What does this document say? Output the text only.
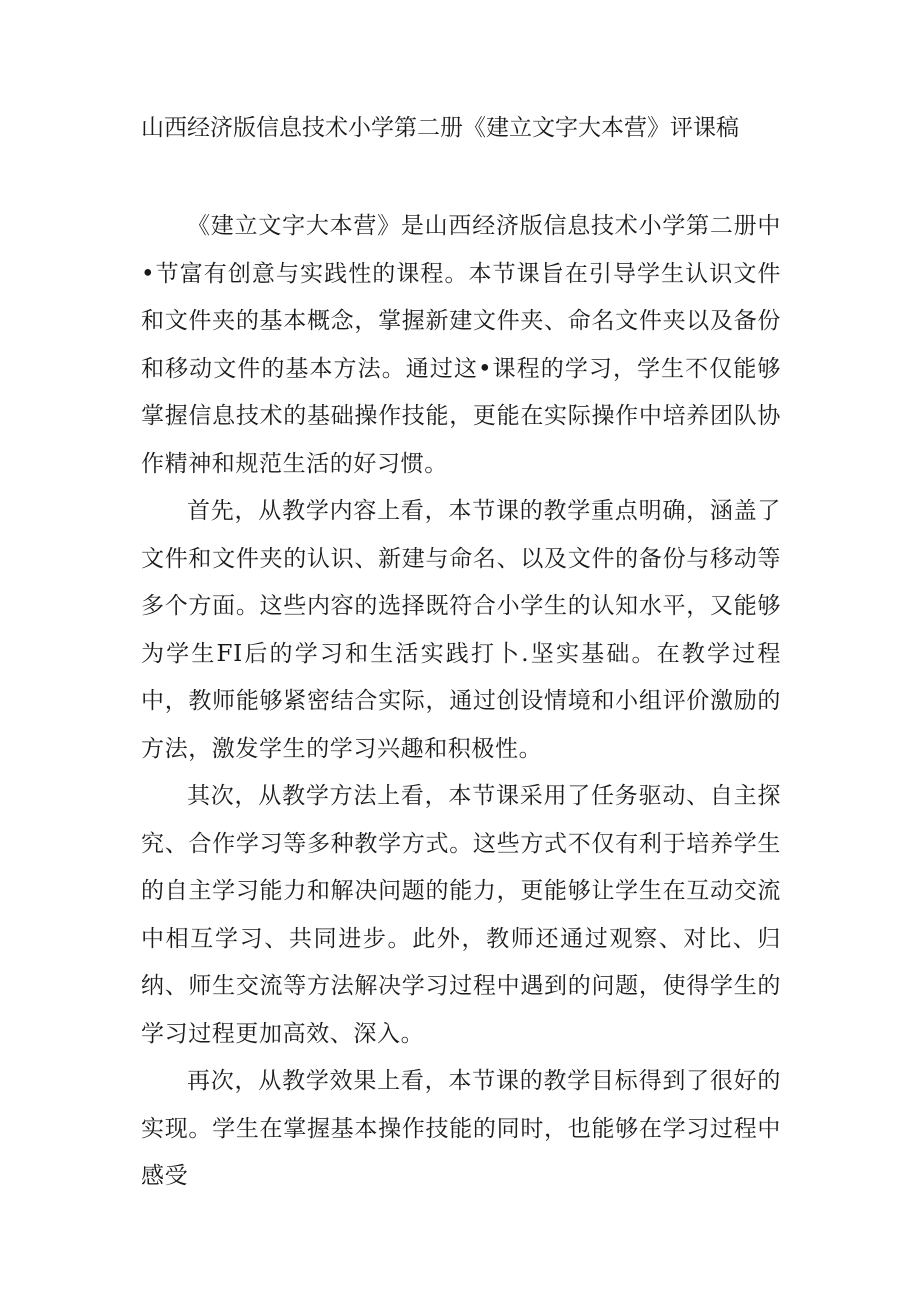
山西经济版信息技术小学第二册《建立文字大本营》评课稿

《建立文字大本营》是山西经济版信息技术小学第二册中•节富有创意与实践性的课程。本节课旨在引导学生认识文件和文件夹的基本概念，掌握新建文件夹、命名文件夹以及备份和移动文件的基本方法。通过这•课程的学习，学生不仅能够掌握信息技术的基础操作技能，更能在实际操作中培养团队协作精神和规范生活的好习惯。

首先，从教学内容上看，本节课的教学重点明确，涵盖了文件和文件夹的认识、新建与命名、以及文件的备份与移动等多个方面。这些内容的选择既符合小学生的认知水平，又能够为学生FI后的学习和生活实践打卜.坚实基础。在教学过程中，教师能够紧密结合实际，通过创设情境和小组评价激励的方法，激发学生的学习兴趣和积极性。

其次，从教学方法上看，本节课采用了任务驱动、自主探究、合作学习等多种教学方式。这些方式不仅有利于培养学生的自主学习能力和解决问题的能力，更能够让学生在互动交流中相互学习、共同进步。此外，教师还通过观察、对比、归纳、师生交流等方法解决学习过程中遇到的问题，使得学生的学习过程更加高效、深入。

再次，从教学效果上看，本节课的教学目标得到了很好的实现。学生在掌握基本操作技能的同时，也能够在学习过程中感受
